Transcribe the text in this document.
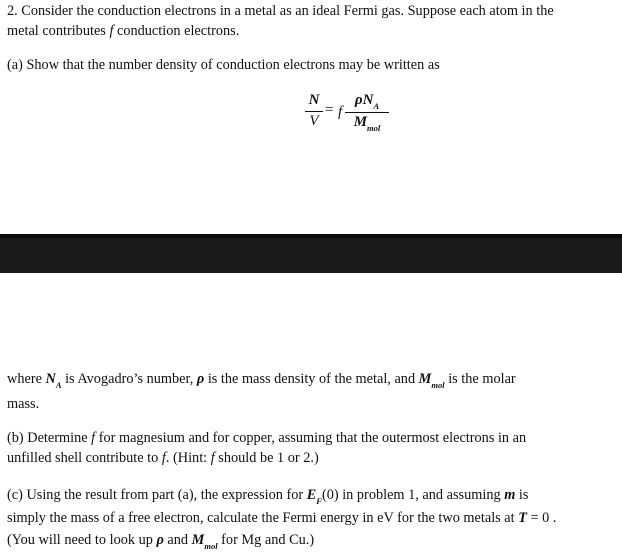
2. Consider the conduction electrons in a metal as an ideal Fermi gas. Suppose each atom in the
metal contributes f conduction electrons.
(a) Show that the number density of conduction electrons may be written as
N
V
= f
$\rho N_A$
$M_{mol}$
where $N_A$ is Avogadro’s number, ρ is the mass density of the metal, and $M_{mol}$ is the molar
mass.
(b) Determine f for magnesium and for copper, assuming that the outermost electrons in an
unfilled shell contribute to f. (Hint: f should be 1 or 2.)
(c) Using the result from part (a), the expression for $E_F(0)$ in problem 1, and assuming m is
simply the mass of a free electron, calculate the Fermi energy in eV for the two metals at T = 0 .
(You will need to look up ρ and $M_{mol}$ for Mg and Cu.)
